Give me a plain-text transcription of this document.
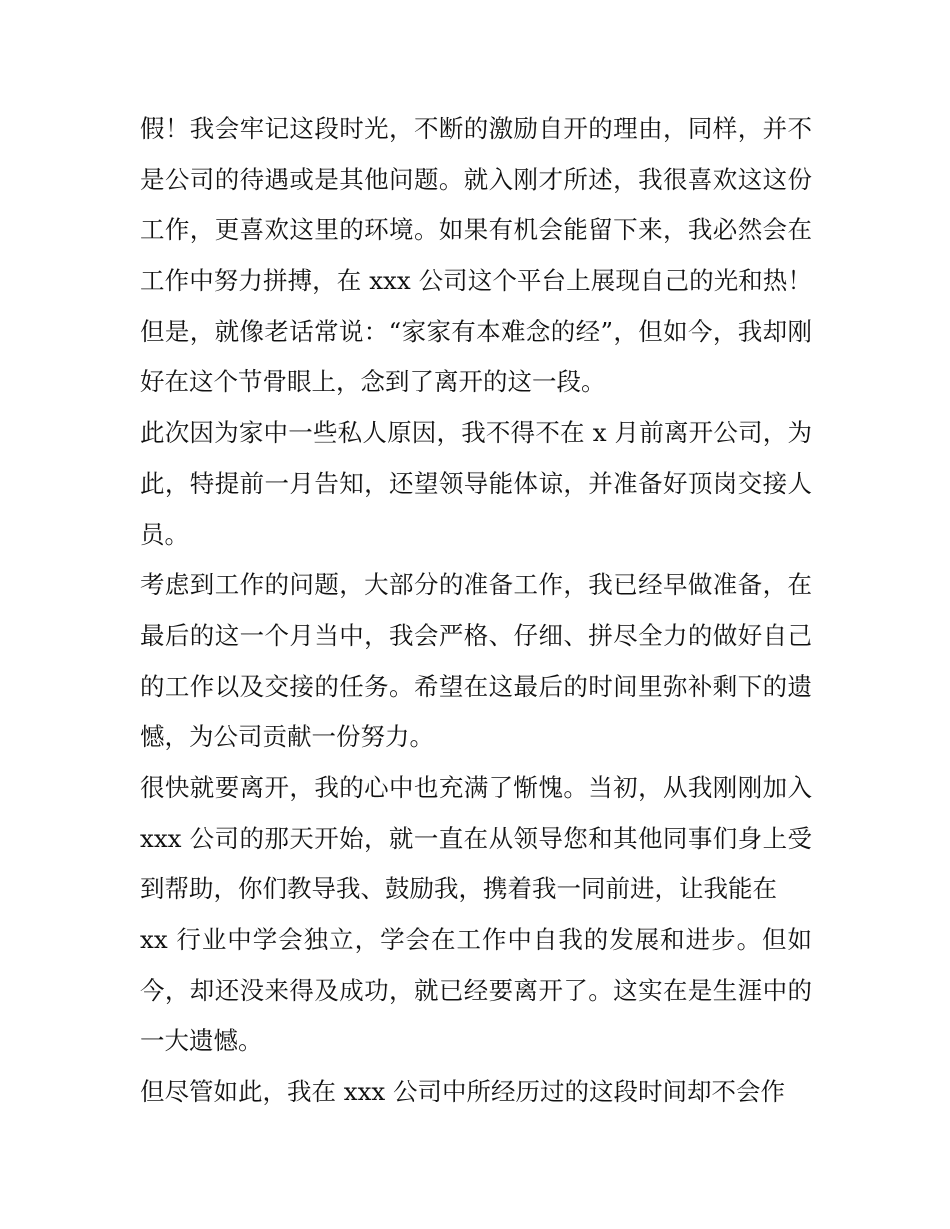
假！我会牢记这段时光，不断的激励自开的理由，同样，并不
是公司的待遇或是其他问题。就入刚才所述，我很喜欢这这份
工作，更喜欢这里的环境。如果有机会能留下来，我必然会在
工作中努力拼搏，在 xxx 公司这个平台上展现自己的光和热！
但是，就像老话常说：“家家有本难念的经”，但如今，我却刚
好在这个节骨眼上，念到了离开的这一段。
此次因为家中一些私人原因，我不得不在 x 月前离开公司，为
此，特提前一月告知，还望领导能体谅，并准备好顶岗交接人
员。
考虑到工作的问题，大部分的准备工作，我已经早做准备，在
最后的这一个月当中，我会严格、仔细、拼尽全力的做好自己
的工作以及交接的任务。希望在这最后的时间里弥补剩下的遗
憾，为公司贡献一份努力。
很快就要离开，我的心中也充满了惭愧。当初，从我刚刚加入
xxx 公司的那天开始，就一直在从领导您和其他同事们身上受
到帮助，你们教导我、鼓励我，携着我一同前进，让我能在
xx 行业中学会独立，学会在工作中自我的发展和进步。但如
今，却还没来得及成功，就已经要离开了。这实在是生涯中的
一大遗憾。
但尽管如此，我在 xxx 公司中所经历过的这段时间却不会作
